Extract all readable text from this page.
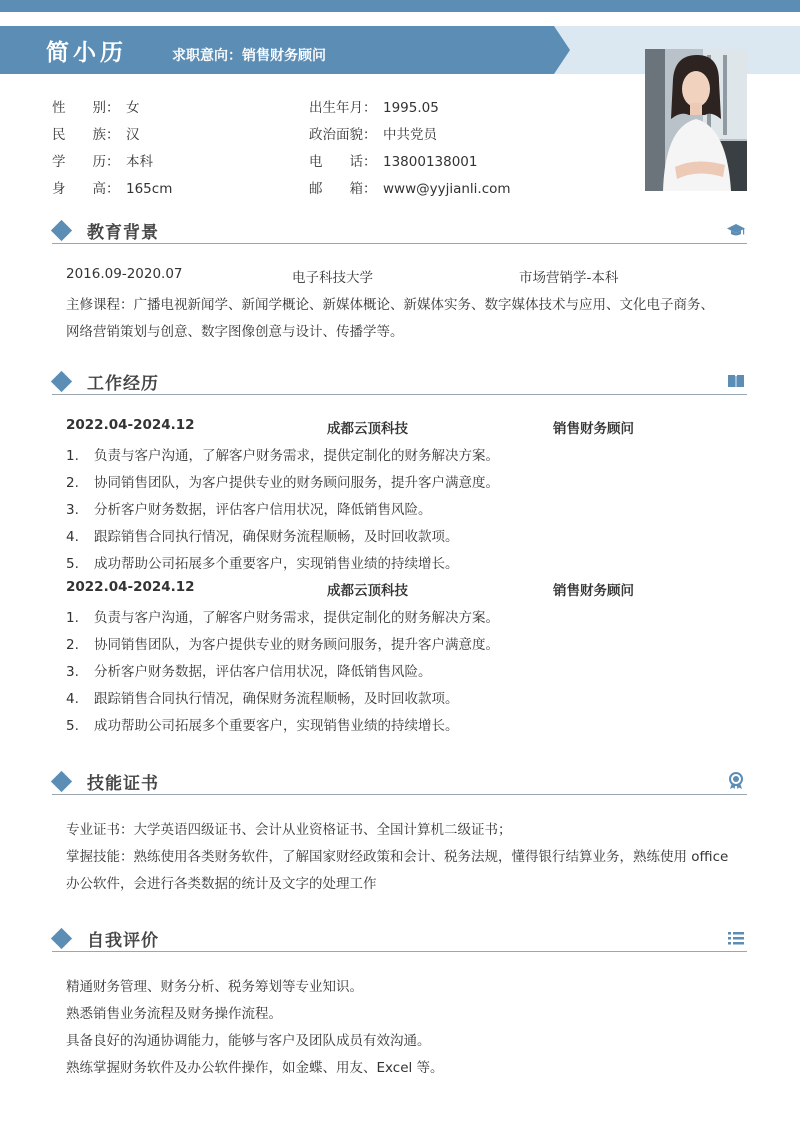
简小历	求职意向：销售财务顾问
性　　别： 女
民　　族： 汉
学　　历： 本科
身　　高： 165cm
出生年月： 1995.05
政治面貌： 中共党员
电　　话： 13800138001
邮　　箱： www@yyjianli.com
教育背景
2016.09-2020.07	电子科技大学	市场营销学-本科
主修课程：广播电视新闻学、新闻学概论、新媒体概论、新媒体实务、数字媒体技术与应用、文化电子商务、
网络营销策划与创意、数字图像创意与设计、传播学等。
工作经历
2022.04-2024.12	成都云顶科技	销售财务顾问
1. 负责与客户沟通，了解客户财务需求，提供定制化的财务解决方案。
2. 协同销售团队，为客户提供专业的财务顾问服务，提升客户满意度。
3. 分析客户财务数据，评估客户信用状况，降低销售风险。
4. 跟踪销售合同执行情况，确保财务流程顺畅，及时回收款项。
5. 成功帮助公司拓展多个重要客户，实现销售业绩的持续增长。
2022.04-2024.12	成都云顶科技	销售财务顾问
1. 负责与客户沟通，了解客户财务需求，提供定制化的财务解决方案。
2. 协同销售团队，为客户提供专业的财务顾问服务，提升客户满意度。
3. 分析客户财务数据，评估客户信用状况，降低销售风险。
4. 跟踪销售合同执行情况，确保财务流程顺畅，及时回收款项。
5. 成功帮助公司拓展多个重要客户，实现销售业绩的持续增长。
技能证书
专业证书：大学英语四级证书、会计从业资格证书、全国计算机二级证书；
掌握技能：熟练使用各类财务软件，了解国家财经政策和会计、税务法规，懂得银行结算业务，熟练使用 office
办公软件，会进行各类数据的统计及文字的处理工作
自我评价
精通财务管理、财务分析、税务筹划等专业知识。
熟悉销售业务流程及财务操作流程。
具备良好的沟通协调能力，能够与客户及团队成员有效沟通。
熟练掌握财务软件及办公软件操作，如金蝶、用友、Excel 等。
